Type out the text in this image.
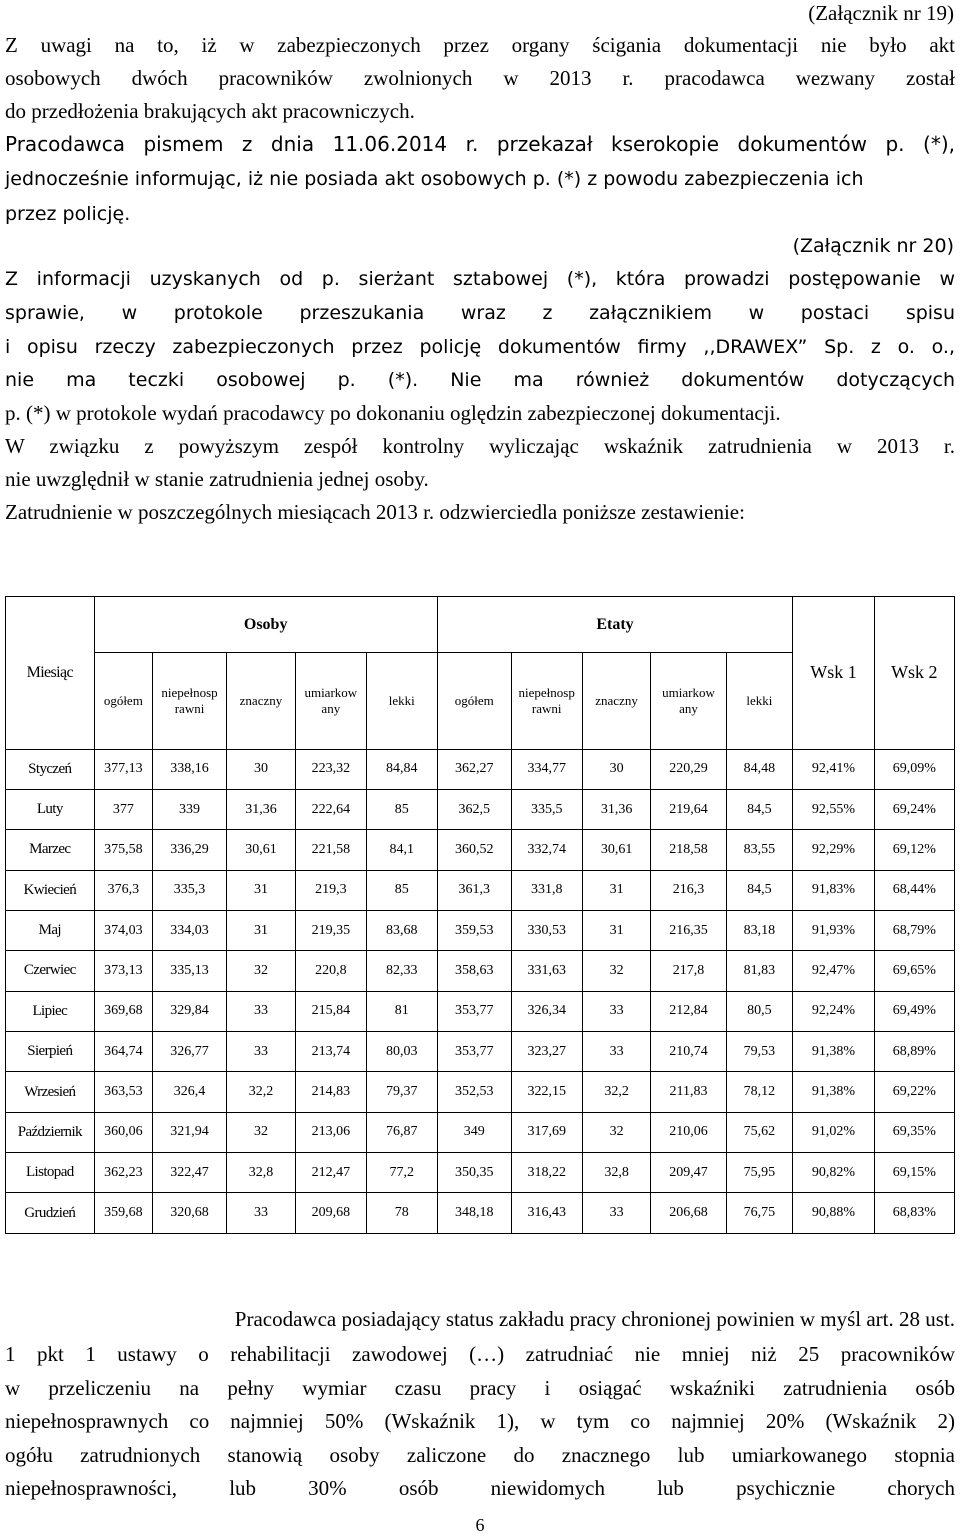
(Załącznik nr 19)
Z uwagi na to, iż w zabezpieczonych przez organy ścigania dokumentacji nie było akt
osobowych dwóch pracowników zwolnionych w 2013 r. pracodawca wezwany został
do przedłożenia brakujących akt pracowniczych.
Pracodawca pismem z dnia 11.06.2014 r. przekazał kserokopie dokumentów p. (*),
jednocześnie informując, iż nie posiada akt osobowych p. (*) z powodu zabezpieczenia ich
przez policję.
(Załącznik nr 20)
Z informacji uzyskanych od p. sierżant sztabowej (*), która prowadzi postępowanie w
sprawie, w protokole przeszukania wraz z załącznikiem w postaci spisu
i opisu rzeczy zabezpieczonych przez policję dokumentów firmy ,,DRAWEX” Sp. z o. o.,
nie ma teczki osobowej p. (*). Nie ma również dokumentów dotyczących
p. (*) w protokole wydań pracodawcy po dokonaniu oględzin zabezpieczonej dokumentacji.
W związku z powyższym zespół kontrolny wyliczając wskaźnik zatrudnienia w 2013 r.
nie uwzględnił w stanie zatrudnienia jednej osoby.
Zatrudnienie w poszczególnych miesiącach 2013 r. odzwierciedla poniższe zestawienie:
Miesiąc	Osoby					Etaty					Wsk 1	Wsk 2
	ogółem	niepełnosp rawni	znaczny	umiarkow any	lekki	ogółem	niepełnosp rawni	znaczny	umiarkow any	lekki		
Styczeń	377,13	338,16	30	223,32	84,84	362,27	334,77	30	220,29	84,48	92,41%	69,09%
Luty	377	339	31,36	222,64	85	362,5	335,5	31,36	219,64	84,5	92,55%	69,24%
Marzec	375,58	336,29	30,61	221,58	84,1	360,52	332,74	30,61	218,58	83,55	92,29%	69,12%
Kwiecień	376,3	335,3	31	219,3	85	361,3	331,8	31	216,3	84,5	91,83%	68,44%
Maj	374,03	334,03	31	219,35	83,68	359,53	330,53	31	216,35	83,18	91,93%	68,79%
Czerwiec	373,13	335,13	32	220,8	82,33	358,63	331,63	32	217,8	81,83	92,47%	69,65%
Lipiec	369,68	329,84	33	215,84	81	353,77	326,34	33	212,84	80,5	92,24%	69,49%
Sierpień	364,74	326,77	33	213,74	80,03	353,77	323,27	33	210,74	79,53	91,38%	68,89%
Wrzesień	363,53	326,4	32,2	214,83	79,37	352,53	322,15	32,2	211,83	78,12	91,38%	69,22%
Październik	360,06	321,94	32	213,06	76,87	349	317,69	32	210,06	75,62	91,02%	69,35%
Listopad	362,23	322,47	32,8	212,47	77,2	350,35	318,22	32,8	209,47	75,95	90,82%	69,15%
Grudzień	359,68	320,68	33	209,68	78	348,18	316,43	33	206,68	76,75	90,88%	68,83%
Pracodawca posiadający status zakładu pracy chronionej powinien w myśl art. 28 ust.
1 pkt 1 ustawy o rehabilitacji zawodowej (…) zatrudniać nie mniej niż 25 pracowników
w przeliczeniu na pełny wymiar czasu pracy i osiągać wskaźniki zatrudnienia osób
niepełnosprawnych co najmniej 50% (Wskaźnik 1), w tym co najmniej 20% (Wskaźnik 2)
ogółu zatrudnionych stanowią osoby zaliczone do znacznego lub umiarkowanego stopnia
niepełnosprawności, lub 30% osób niewidomych lub psychicznie chorych
6
